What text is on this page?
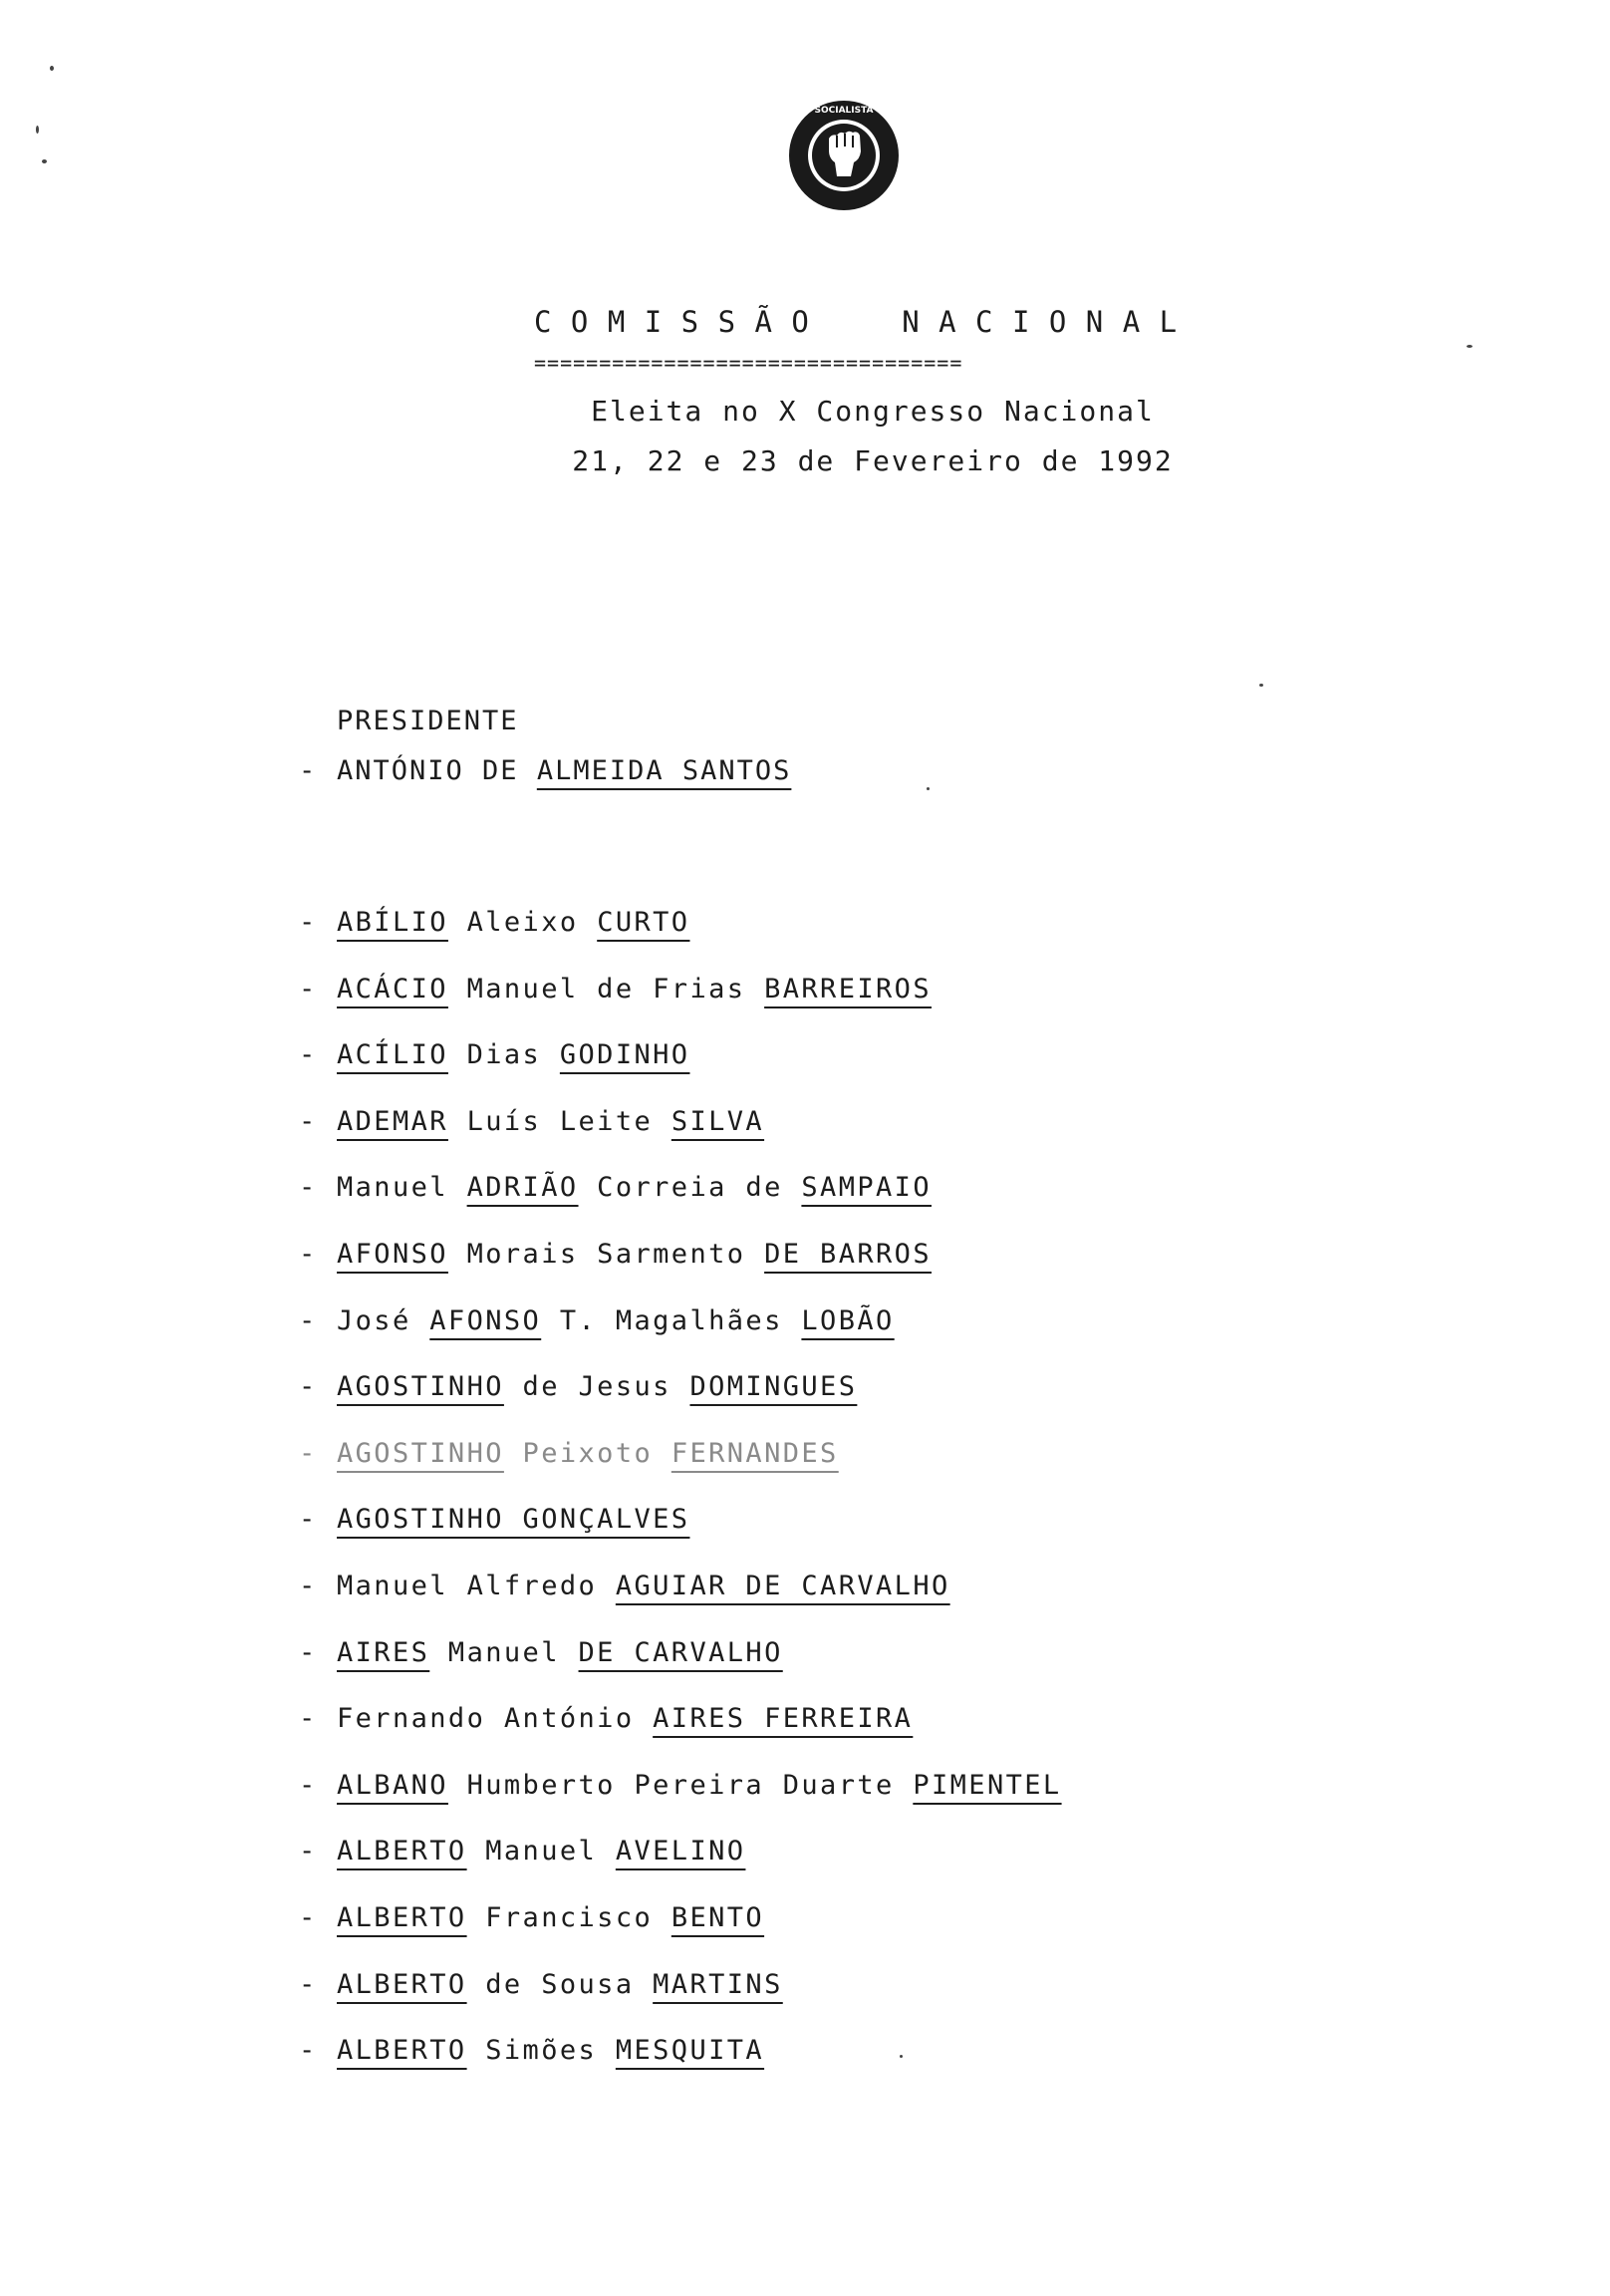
SOCIALISTA
C O M I S S Ã O     N A C I O N A L
=================================
Eleita no X Congresso Nacional
21, 22 e 23 de Fevereiro de 1992
PRESIDENTE
- ANTÓNIO DE ALMEIDA SANTOS
- ABÍLIO Aleixo CURTO
- ACÁCIO Manuel de Frias BARREIROS
- ACÍLIO Dias GODINHO
- ADEMAR Luís Leite SILVA
- Manuel ADRIÃO Correia de SAMPAIO
- AFONSO Morais Sarmento DE BARROS
- José AFONSO T. Magalhães LOBÃO
- AGOSTINHO de Jesus DOMINGUES
- AGOSTINHO Peixoto FERNANDES
- AGOSTINHO GONÇALVES
- Manuel Alfredo AGUIAR DE CARVALHO
- AIRES Manuel DE CARVALHO
- Fernando António AIRES FERREIRA
- ALBANO Humberto Pereira Duarte PIMENTEL
- ALBERTO Manuel AVELINO
- ALBERTO Francisco BENTO
- ALBERTO de Sousa MARTINS
- ALBERTO Simões MESQUITA
